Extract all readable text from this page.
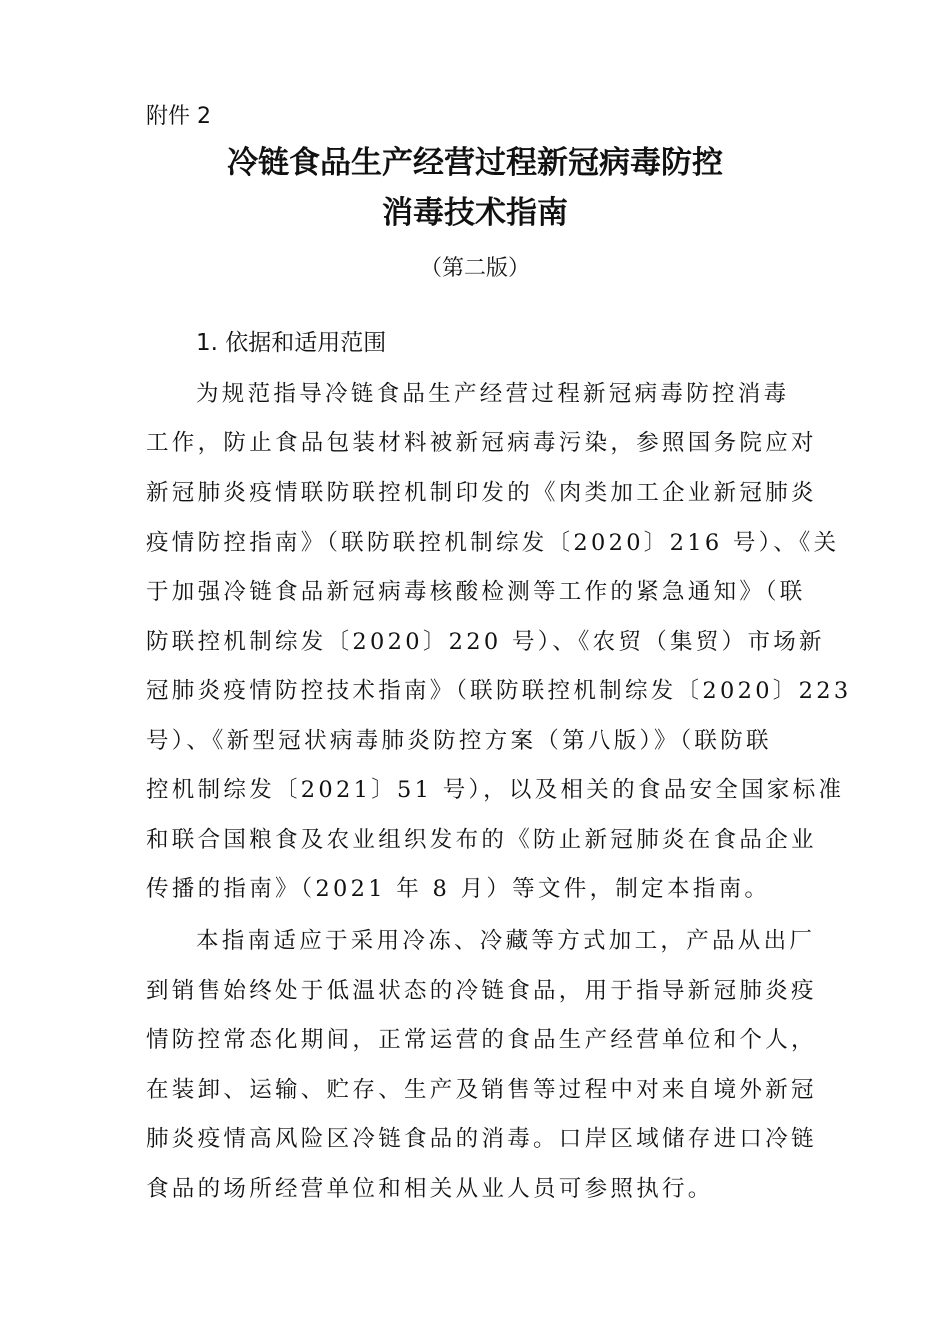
附件 2
冷链食品生产经营过程新冠病毒防控
消毒技术指南
（第二版）
1. 依据和适用范围
为规范指导冷链食品生产经营过程新冠病毒防控消毒
工作，防止食品包装材料被新冠病毒污染，参照国务院应对
新冠肺炎疫情联防联控机制印发的《肉类加工企业新冠肺炎
疫情防控指南》（联防联控机制综发〔2020〕216 号）、《关
于加强冷链食品新冠病毒核酸检测等工作的紧急通知》（联
防联控机制综发〔2020〕220 号）、《农贸（集贸）市场新
冠肺炎疫情防控技术指南》（联防联控机制综发〔2020〕223
号）、《新型冠状病毒肺炎防控方案（第八版）》（联防联
控机制综发〔2021〕51 号），以及相关的食品安全国家标准
和联合国粮食及农业组织发布的《防止新冠肺炎在食品企业
传播的指南》（2021 年 8 月）等文件，制定本指南。
本指南适应于采用冷冻、冷藏等方式加工，产品从出厂
到销售始终处于低温状态的冷链食品，用于指导新冠肺炎疫
情防控常态化期间，正常运营的食品生产经营单位和个人，
在装卸、运输、贮存、生产及销售等过程中对来自境外新冠
肺炎疫情高风险区冷链食品的消毒。口岸区域储存进口冷链
食品的场所经营单位和相关从业人员可参照执行。
